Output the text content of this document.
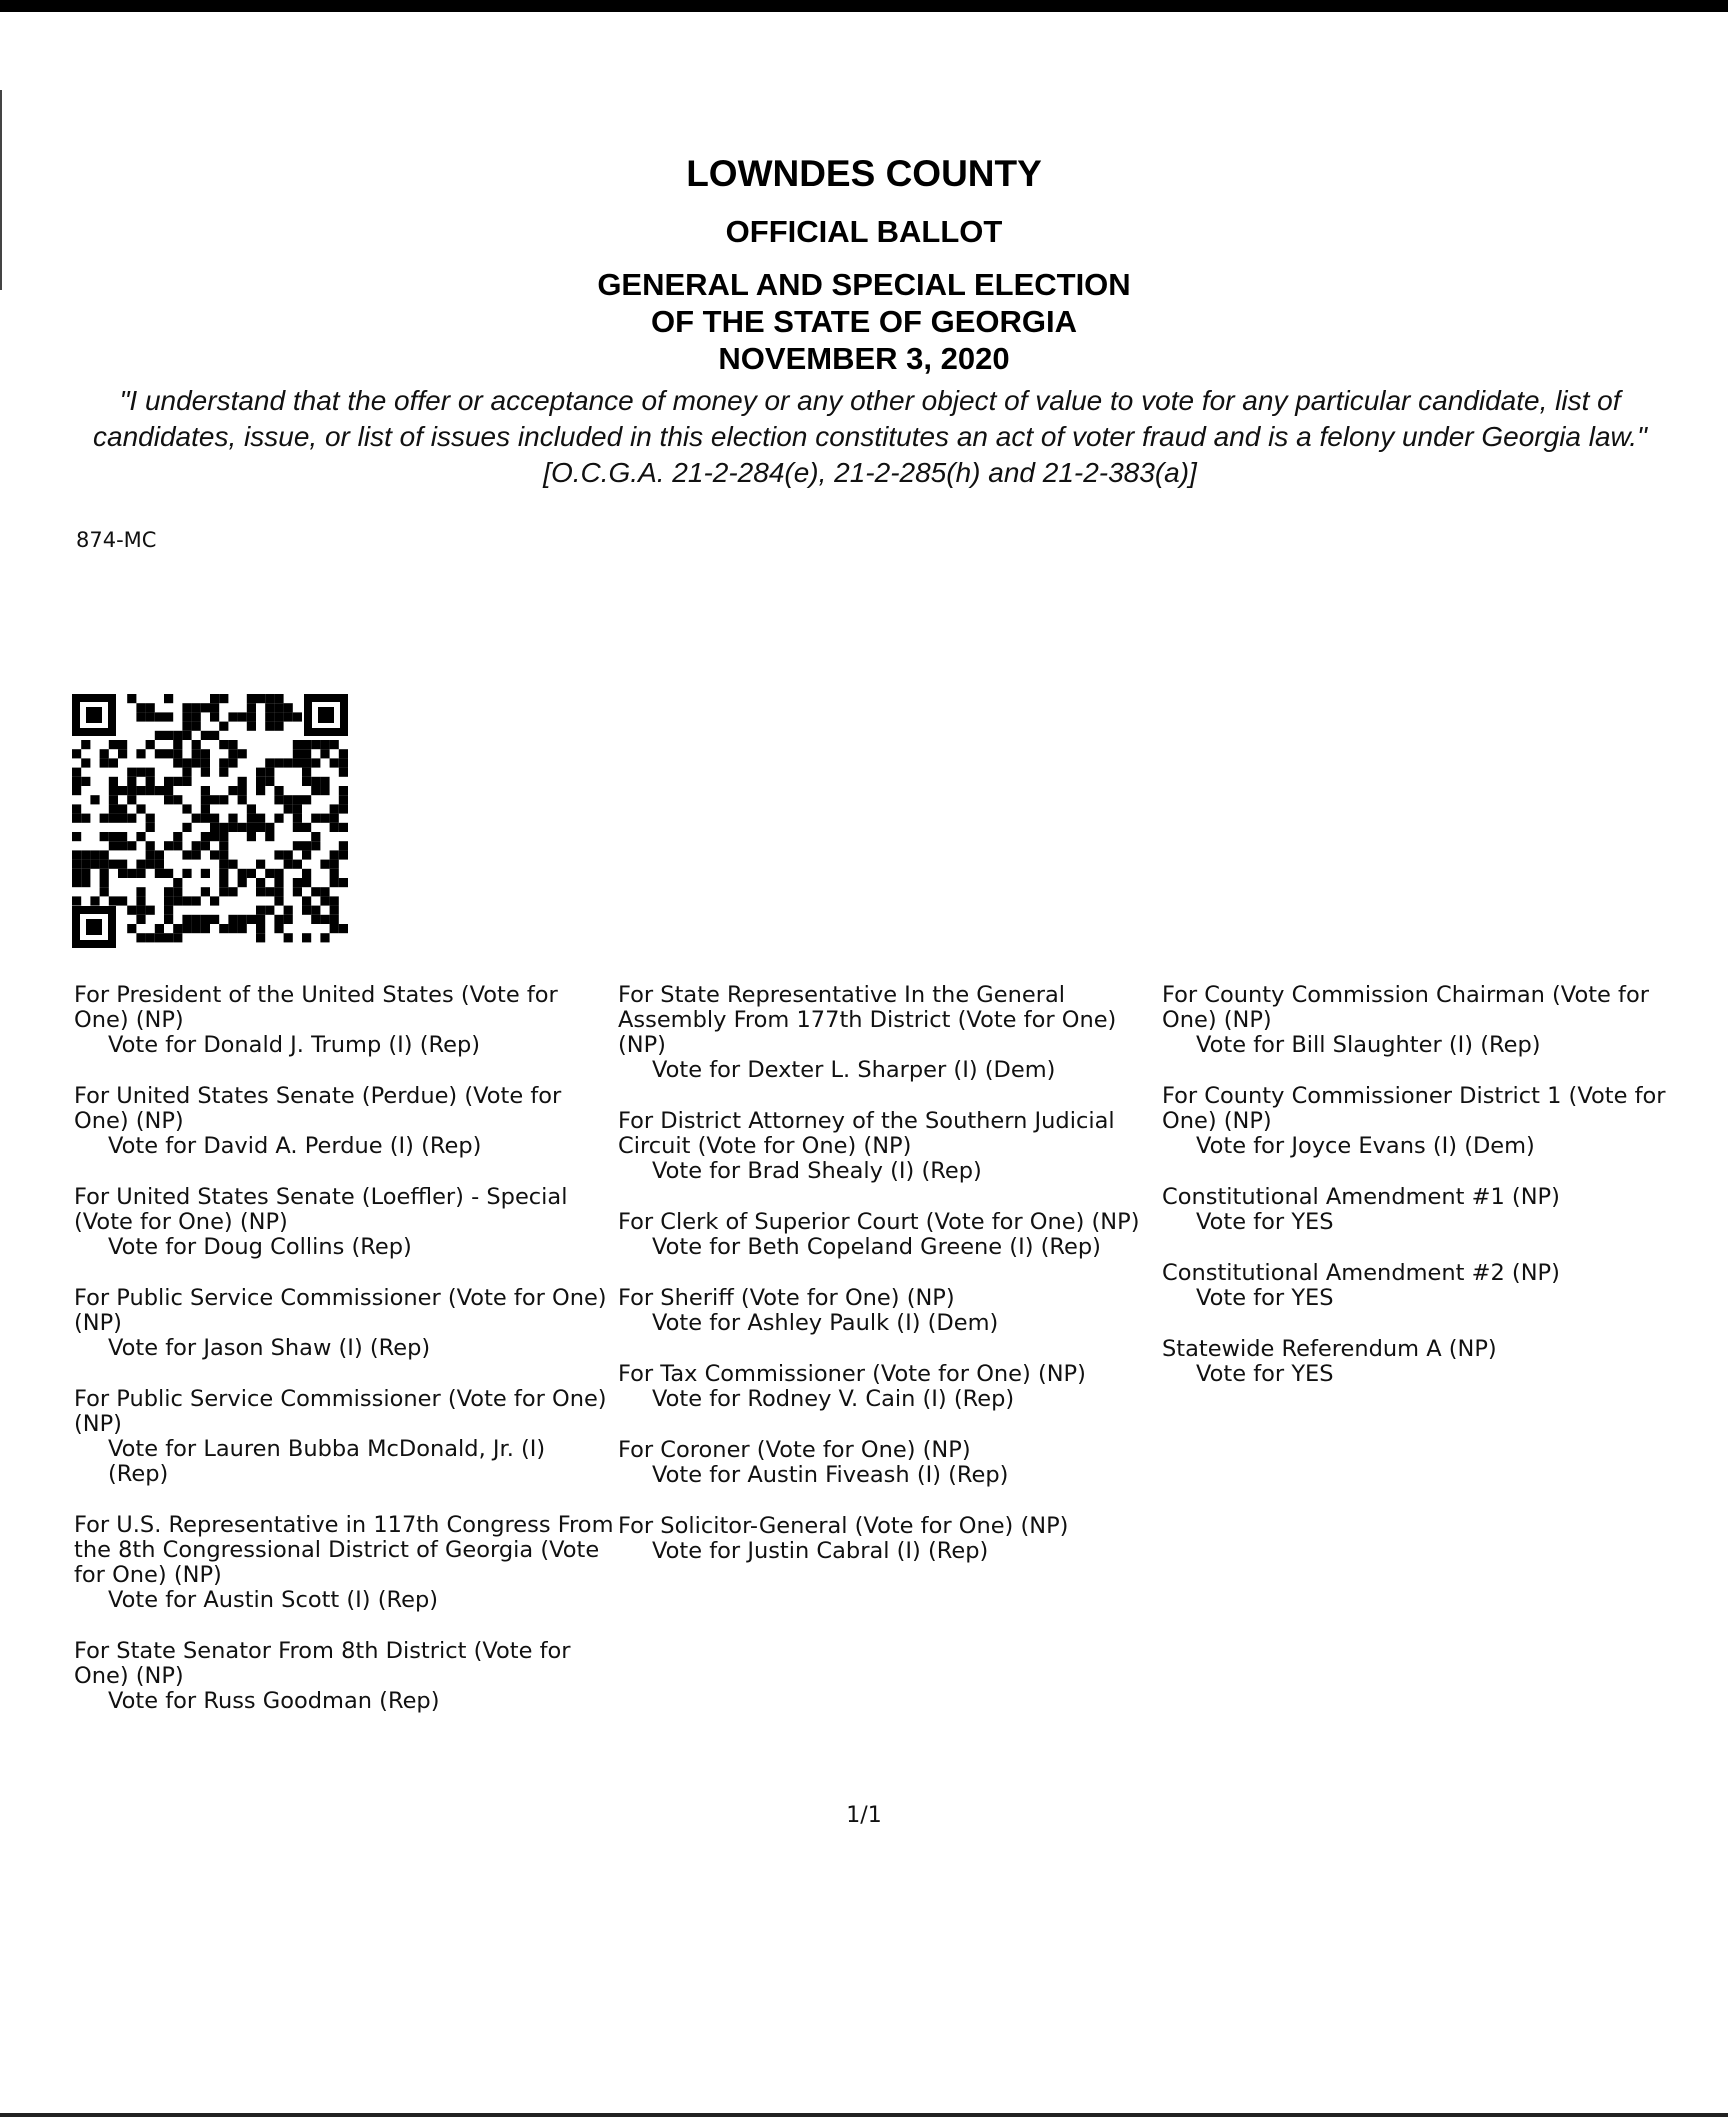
LOWNDES COUNTY
OFFICIAL BALLOT
GENERAL AND SPECIAL ELECTION
OF THE STATE OF GEORGIA
NOVEMBER 3, 2020
"I understand that the offer or acceptance of money or any other object of value to vote for any particular candidate, list of candidates, issue, or list of issues included in this election constitutes an act of voter fraud and is a felony under Georgia law." [O.C.G.A. 21-2-284(e), 21-2-285(h) and 21-2-383(a)]
874-MC
For President of the United States (Vote for One) (NP)
Vote for Donald J. Trump (I) (Rep)
For United States Senate (Perdue) (Vote for One) (NP)
Vote for David A. Perdue (I) (Rep)
For United States Senate (Loeffler) - Special (Vote for One) (NP)
Vote for Doug Collins (Rep)
For Public Service Commissioner (Vote for One) (NP)
Vote for Jason Shaw (I) (Rep)
For Public Service Commissioner (Vote for One) (NP)
Vote for Lauren Bubba McDonald, Jr. (I) (Rep)
For U.S. Representative in 117th Congress From the 8th Congressional District of Georgia (Vote for One) (NP)
Vote for Austin Scott (I) (Rep)
For State Senator From 8th District (Vote for One) (NP)
Vote for Russ Goodman (Rep)
For State Representative In the General Assembly From 177th District (Vote for One) (NP)
Vote for Dexter L. Sharper (I) (Dem)
For District Attorney of the Southern Judicial Circuit (Vote for One) (NP)
Vote for Brad Shealy (I) (Rep)
For Clerk of Superior Court (Vote for One) (NP)
Vote for Beth Copeland Greene (I) (Rep)
For Sheriff (Vote for One) (NP)
Vote for Ashley Paulk (I) (Dem)
For Tax Commissioner (Vote for One) (NP)
Vote for Rodney V. Cain (I) (Rep)
For Coroner (Vote for One) (NP)
Vote for Austin Fiveash (I) (Rep)
For Solicitor-General (Vote for One) (NP)
Vote for Justin Cabral (I) (Rep)
For County Commission Chairman (Vote for One) (NP)
Vote for Bill Slaughter (I) (Rep)
For County Commissioner District 1 (Vote for One) (NP)
Vote for Joyce Evans (I) (Dem)
Constitutional Amendment #1 (NP)
Vote for YES
Constitutional Amendment #2 (NP)
Vote for YES
Statewide Referendum A (NP)
Vote for YES
1/1
